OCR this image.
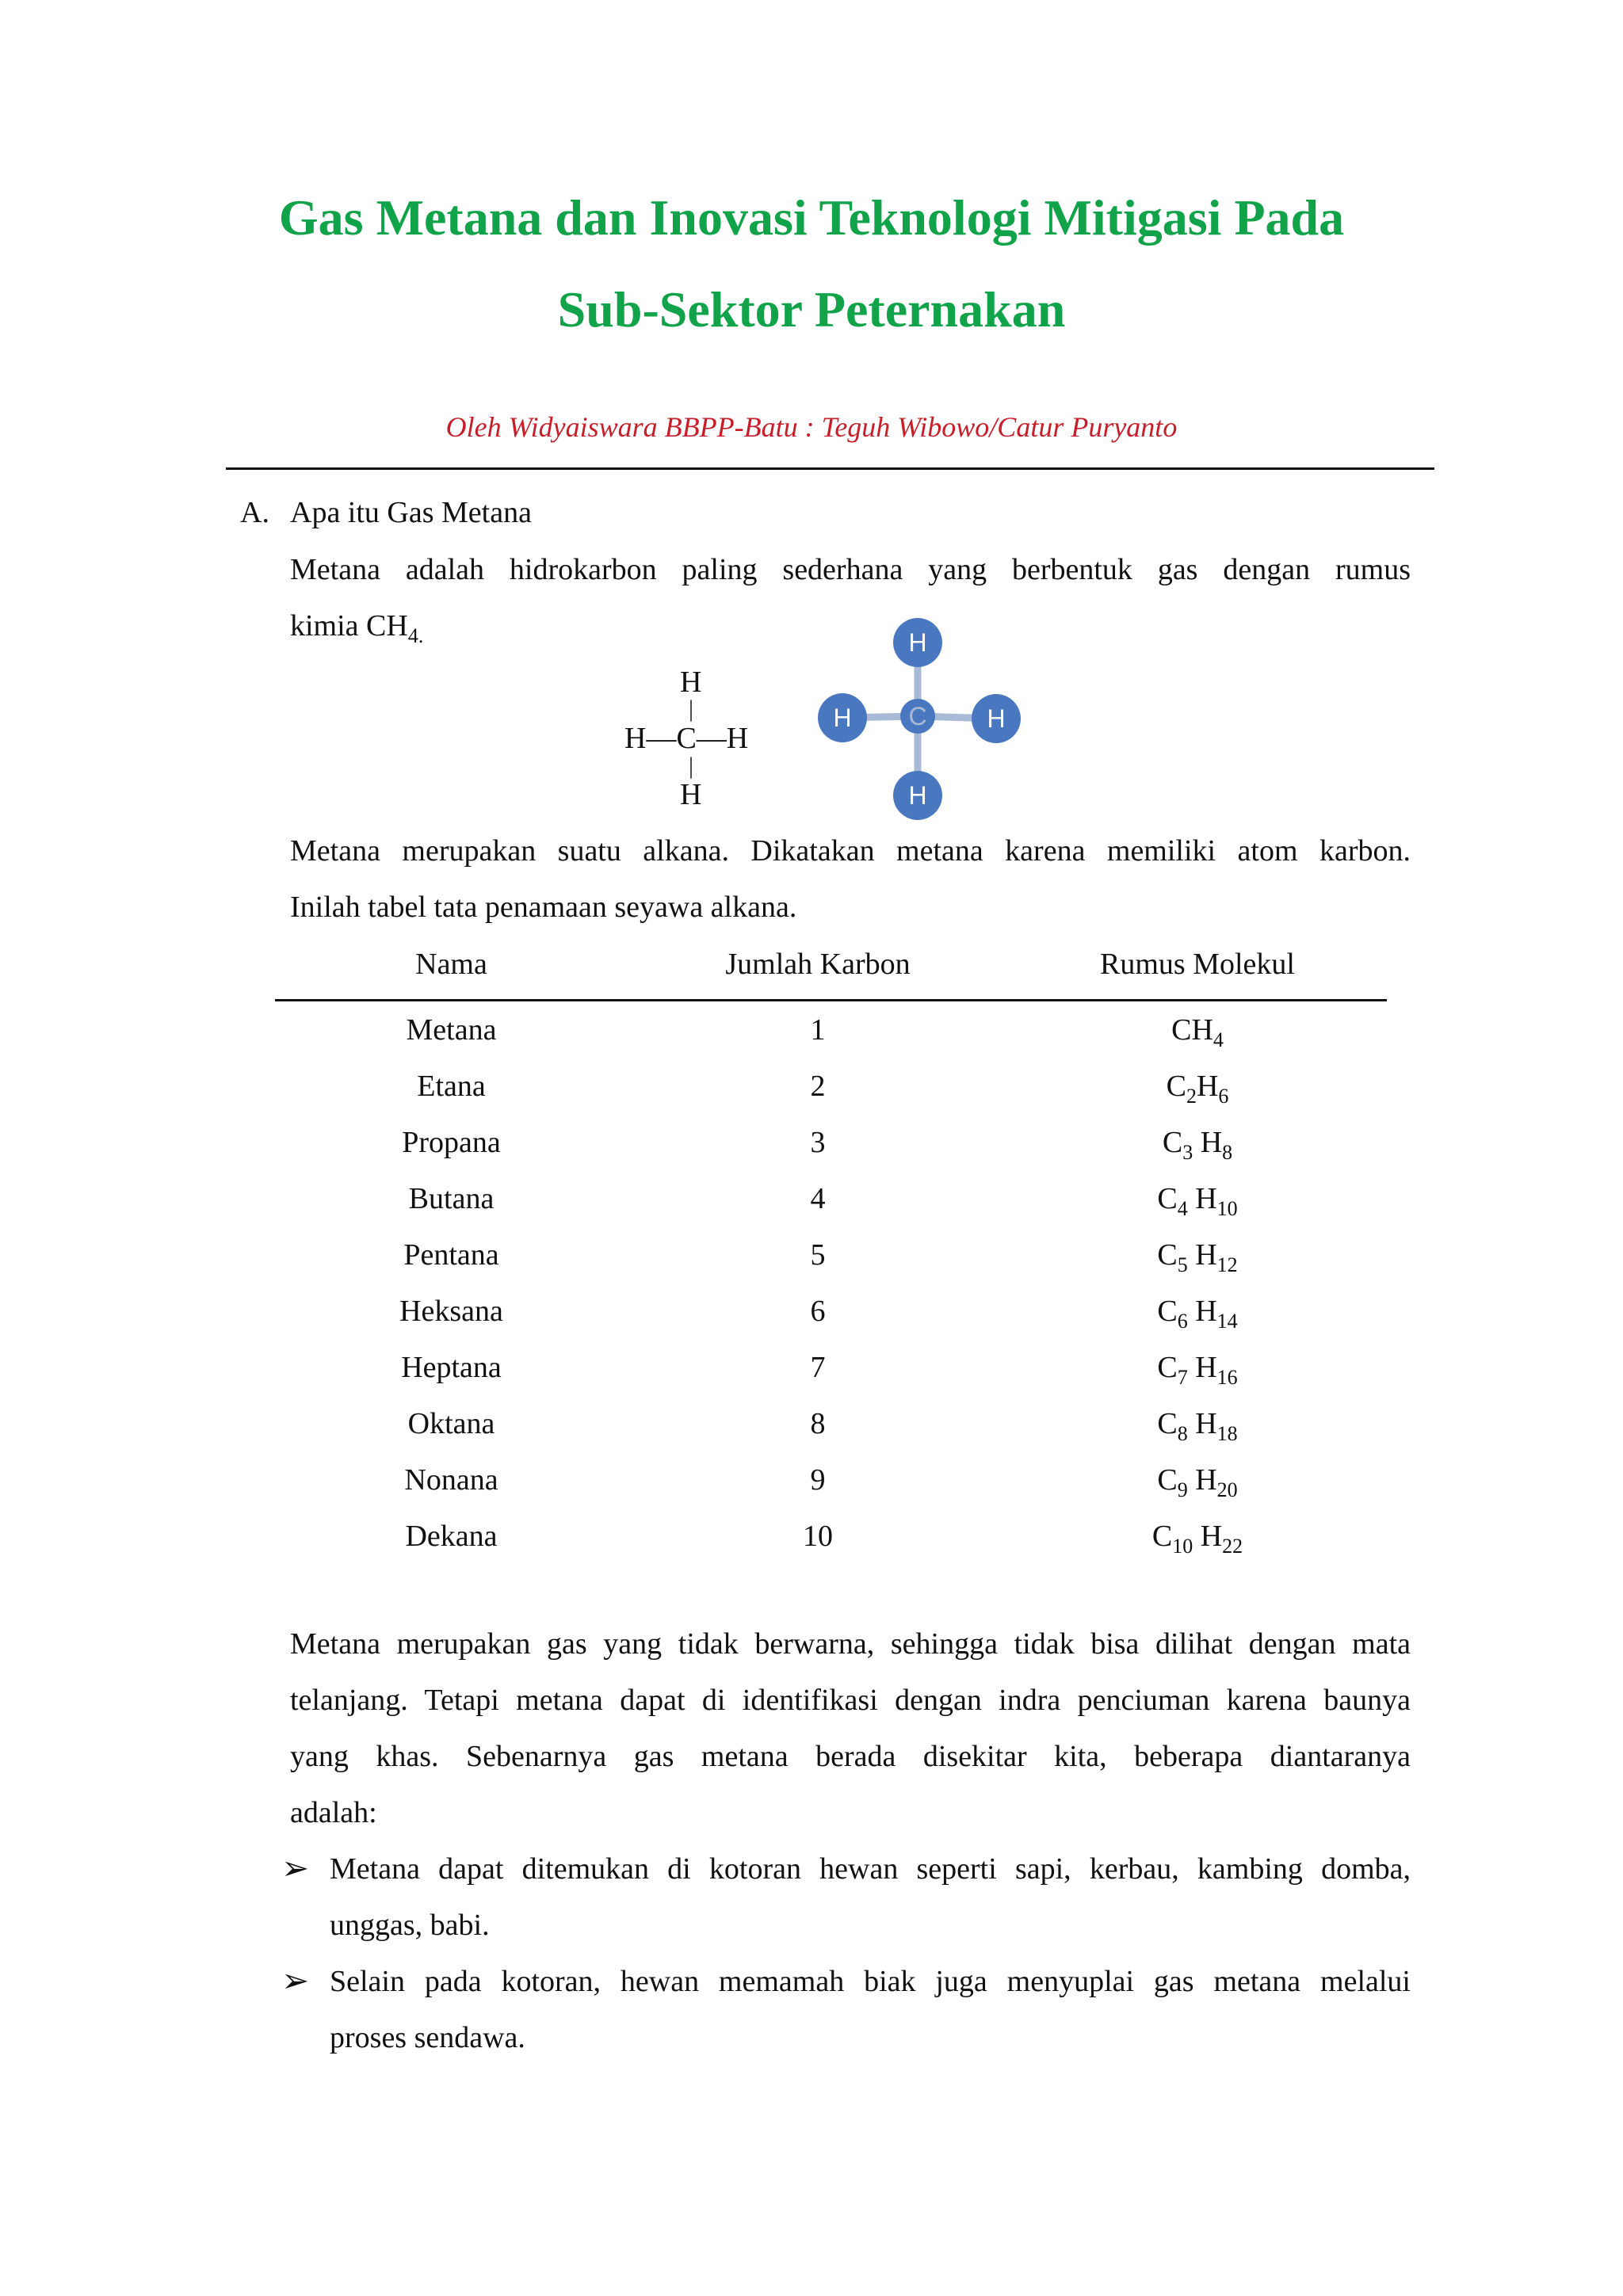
Gas Metana dan Inovasi Teknologi Mitigasi Pada
Sub-Sektor Peternakan
Oleh Widyaiswara BBPP-Batu : Teguh Wibowo/Catur Puryanto
A. Apa itu Gas Metana
Metana adalah hidrokarbon paling sederhana yang berbentuk gas dengan rumus
kimia $CH_{4.}$
H
|
H—C—H
|
H
H
H	H
H
C
Metana merupakan suatu alkana. Dikatakan metana karena memiliki atom karbon.
Inilah tabel tata penamaan seyawa alkana.
Nama	Jumlah Karbon	Rumus Molekul
Metana	1	$CH_4$
Etana	2	$C_2H_6$
Propana	3	$C_3$ $H_8$
Butana	4	$C_4$ $H_{10}$
Pentana	5	$C_5$ $H_{12}$
Heksana	6	$C_6$ $H_{14}$
Heptana	7	$C_7$ $H_{16}$
Oktana	8	$C_8$ $H_{18}$
Nonana	9	$C_9$ $H_{20}$
Dekana	10	$C_{10}$ $H_{22}$
Metana merupakan gas yang tidak berwarna, sehingga tidak bisa dilihat dengan mata
telanjang. Tetapi metana dapat di identifikasi dengan indra penciuman karena baunya
yang khas. Sebenarnya gas metana berada disekitar kita, beberapa diantaranya
adalah:
➢ Metana dapat ditemukan di kotoran hewan seperti sapi, kerbau, kambing domba,
unggas, babi.
➢ Selain pada kotoran, hewan memamah biak juga menyuplai gas metana melalui
proses sendawa.
